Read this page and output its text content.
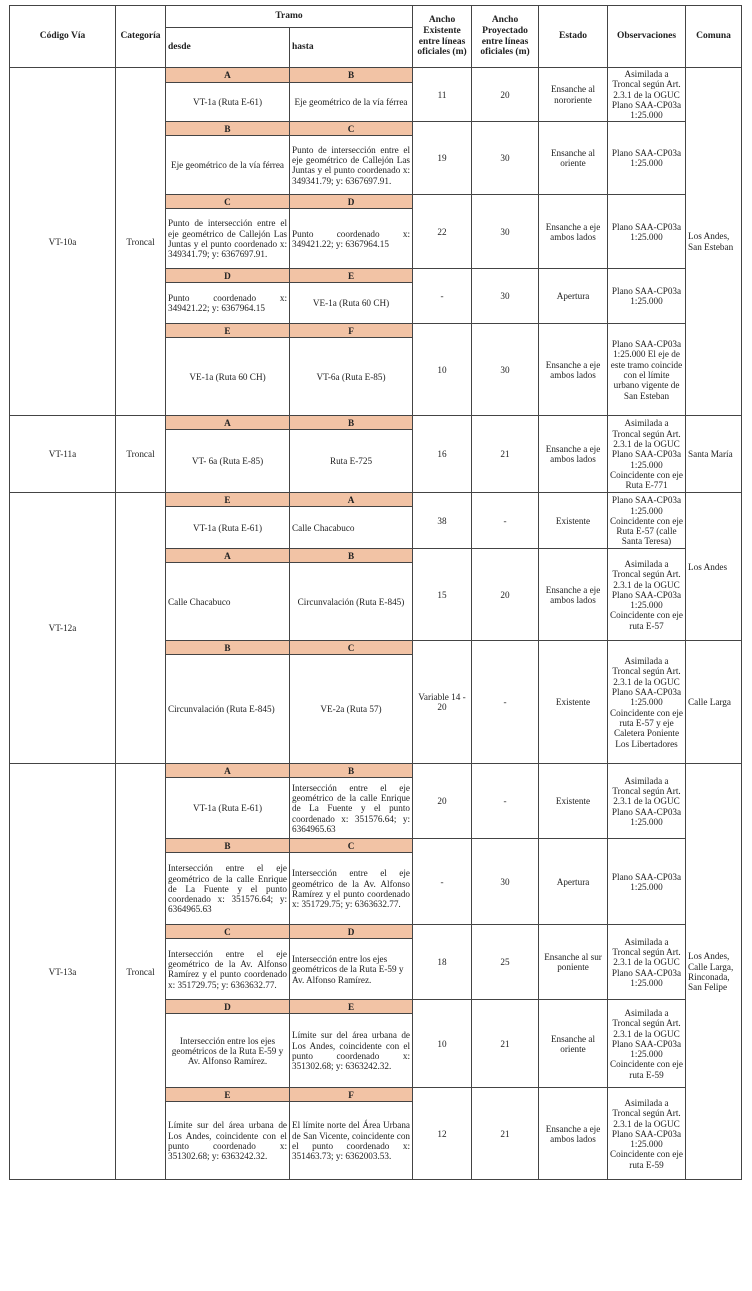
Código Vía	Categoría	Tramo		Ancho Existente entre líneas oficiales (m)	Ancho Proyectado entre líneas oficiales (m)	Estado	Observaciones	Comuna
		desde	hasta					
VT-10a	Troncal	A	B	11	20	Ensanche al nororiente	Asimilada a Troncal según Art. 2.3.1 de la OGUC Plano SAA-CP03a 1:25.000	Los Andes, San Esteban
		VT-1a (Ruta E-61)	Eje geométrico de la vía férrea					
		B	C	19	30	Ensanche al oriente	Plano SAA-CP03a 1:25.000	
		Eje geométrico de la vía férrea	Punto de intersección entre el eje geométrico de Callejón Las Juntas y el punto coordenado x: 349341.79; y: 6367697.91.					
		C	D	22	30	Ensanche a eje ambos lados	Plano SAA-CP03a 1:25.000	
		Punto de intersección entre el eje geométrico de Callejón Las Juntas y el punto coordenado x: 349341.79; y: 6367697.91.	Punto coordenado x: 349421.22; y: 6367964.15					
		D	E	-	30	Apertura	Plano SAA-CP03a 1:25.000	
		Punto coordenado x: 349421.22; y: 6367964.15	VE-1a (Ruta 60 CH)					
		E	F	10	30	Ensanche a eje ambos lados	Plano SAA-CP03a 1:25.000 El eje de este tramo coincide con el límite urbano vigente de San Esteban	
		VE-1a (Ruta 60 CH)	VT-6a (Ruta E-85)					
VT-11a	Troncal	A	B	16	21	Ensanche a eje ambos lados	Asimilada a Troncal según Art. 2.3.1 de la OGUC Plano SAA-CP03a 1:25.000 Coincidente con eje Ruta E-771	Santa María
		VT- 6a (Ruta E-85)	Ruta E-725					
VT-12a		E	A	38	-	Existente	Plano SAA-CP03a 1:25.000 Coincidente con eje Ruta E-57 (calle Santa Teresa)	Los Andes
		VT-1a (Ruta E-61)	Calle Chacabuco					
		A	B	15	20	Ensanche a eje ambos lados	Asimilada a Troncal según Art. 2.3.1 de la OGUC Plano SAA-CP03a 1:25.000 Coincidente con eje ruta E-57	
		Calle Chacabuco	Circunvalación (Ruta E-845)					
		B	C	Variable 14 - 20	-	Existente	Asimilada a Troncal según Art. 2.3.1 de la OGUC Plano SAA-CP03a 1:25.000 Coincidente con eje ruta E-57 y eje Caletera Poniente Los Libertadores	Calle Larga
		Circunvalación (Ruta E-845)	VE-2a (Ruta 57)					
VT-13a	Troncal	A	B	20	-	Existente	Asimilada a Troncal según Art. 2.3.1 de la OGUC Plano SAA-CP03a 1:25.000	Los Andes, Calle Larga, Rinconada, San Felipe
		VT-1a (Ruta E-61)	Intersección entre el eje geométrico de la calle Enrique de La Fuente y el punto coordenado x: 351576.64; y: 6364965.63					
		B	C	-	30	Apertura	Plano SAA-CP03a 1:25.000	
		Intersección entre el eje geométrico de la calle Enrique de La Fuente y el punto coordenado x: 351576.64; y: 6364965.63	Intersección entre el eje geométrico de la Av. Alfonso Ramírez y el punto coordenado x: 351729.75; y: 6363632.77.					
		C	D	18	25	Ensanche al sur poniente	Asimilada a Troncal según Art. 2.3.1 de la OGUC Plano SAA-CP03a 1:25.000	
		Intersección entre el eje geométrico de la Av. Alfonso Ramírez y el punto coordenado x: 351729.75; y: 6363632.77.	Intersección entre los ejes geométricos de la Ruta E-59 y Av. Alfonso Ramírez.					
		D	E	10	21	Ensanche al oriente	Asimilada a Troncal según Art. 2.3.1 de la OGUC Plano SAA-CP03a 1:25.000 Coincidente con eje ruta E-59	
		Intersección entre los ejes geométricos de la Ruta E-59 y Av. Alfonso Ramírez.	Límite sur del área urbana de Los Andes, coincidente con el punto coordenado x: 351302.68; y: 6363242.32.					
		E	F	12	21	Ensanche a eje ambos lados	Asimilada a Troncal según Art. 2.3.1 de la OGUC Plano SAA-CP03a 1:25.000 Coincidente con eje ruta E-59	
		Límite sur del área urbana de Los Andes, coincidente con el punto coordenado x: 351302.68; y: 6363242.32.	El límite norte del Área Urbana de San Vicente, coincidente con el punto coordenado x: 351463.73; y: 6362003.53.					
